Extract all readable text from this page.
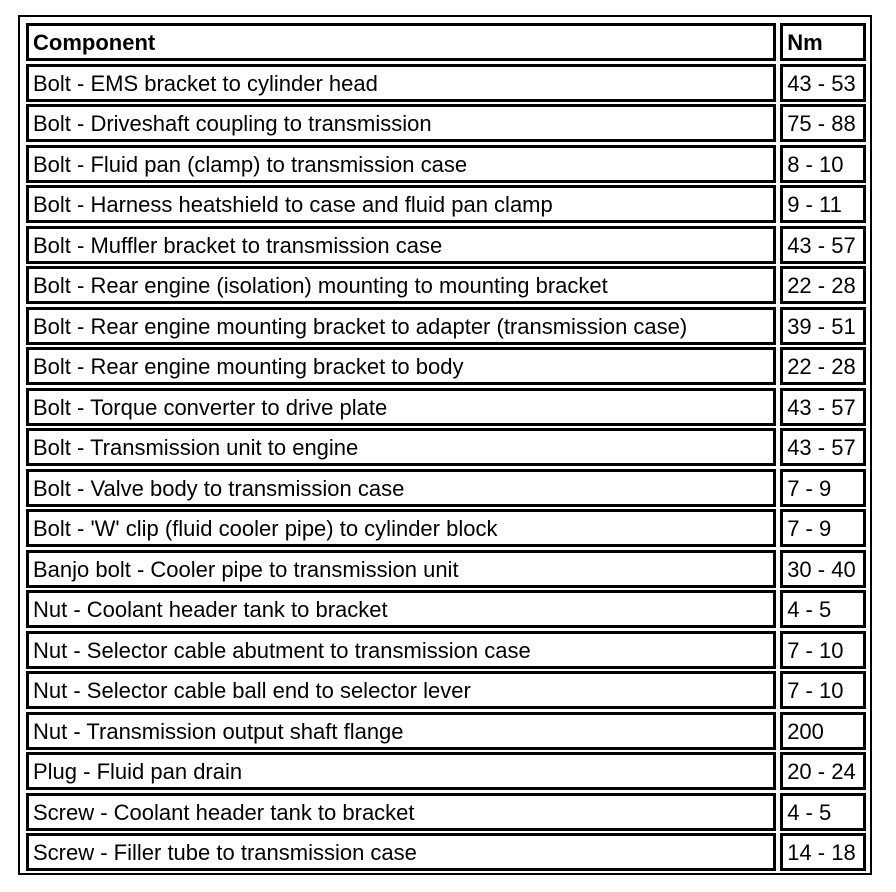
Component	Nm
Bolt - EMS bracket to cylinder head	43 - 53
Bolt - Driveshaft coupling to transmission	75 - 88
Bolt - Fluid pan (clamp) to transmission case	8 - 10
Bolt - Harness heatshield to case and fluid pan clamp	9 - 11
Bolt - Muffler bracket to transmission case	43 - 57
Bolt - Rear engine (isolation) mounting to mounting bracket	22 - 28
Bolt - Rear engine mounting bracket to adapter (transmission case)	39 - 51
Bolt - Rear engine mounting bracket to body	22 - 28
Bolt - Torque converter to drive plate	43 - 57
Bolt - Transmission unit to engine	43 - 57
Bolt - Valve body to transmission case	7 - 9
Bolt - 'W' clip (fluid cooler pipe) to cylinder block	7 - 9
Banjo bolt - Cooler pipe to transmission unit	30 - 40
Nut - Coolant header tank to bracket	4 - 5
Nut - Selector cable abutment to transmission case	7 - 10
Nut - Selector cable ball end to selector lever	7 - 10
Nut - Transmission output shaft flange	200
Plug - Fluid pan drain	20 - 24
Screw - Coolant header tank to bracket	4 - 5
Screw - Filler tube to transmission case	14 - 18
